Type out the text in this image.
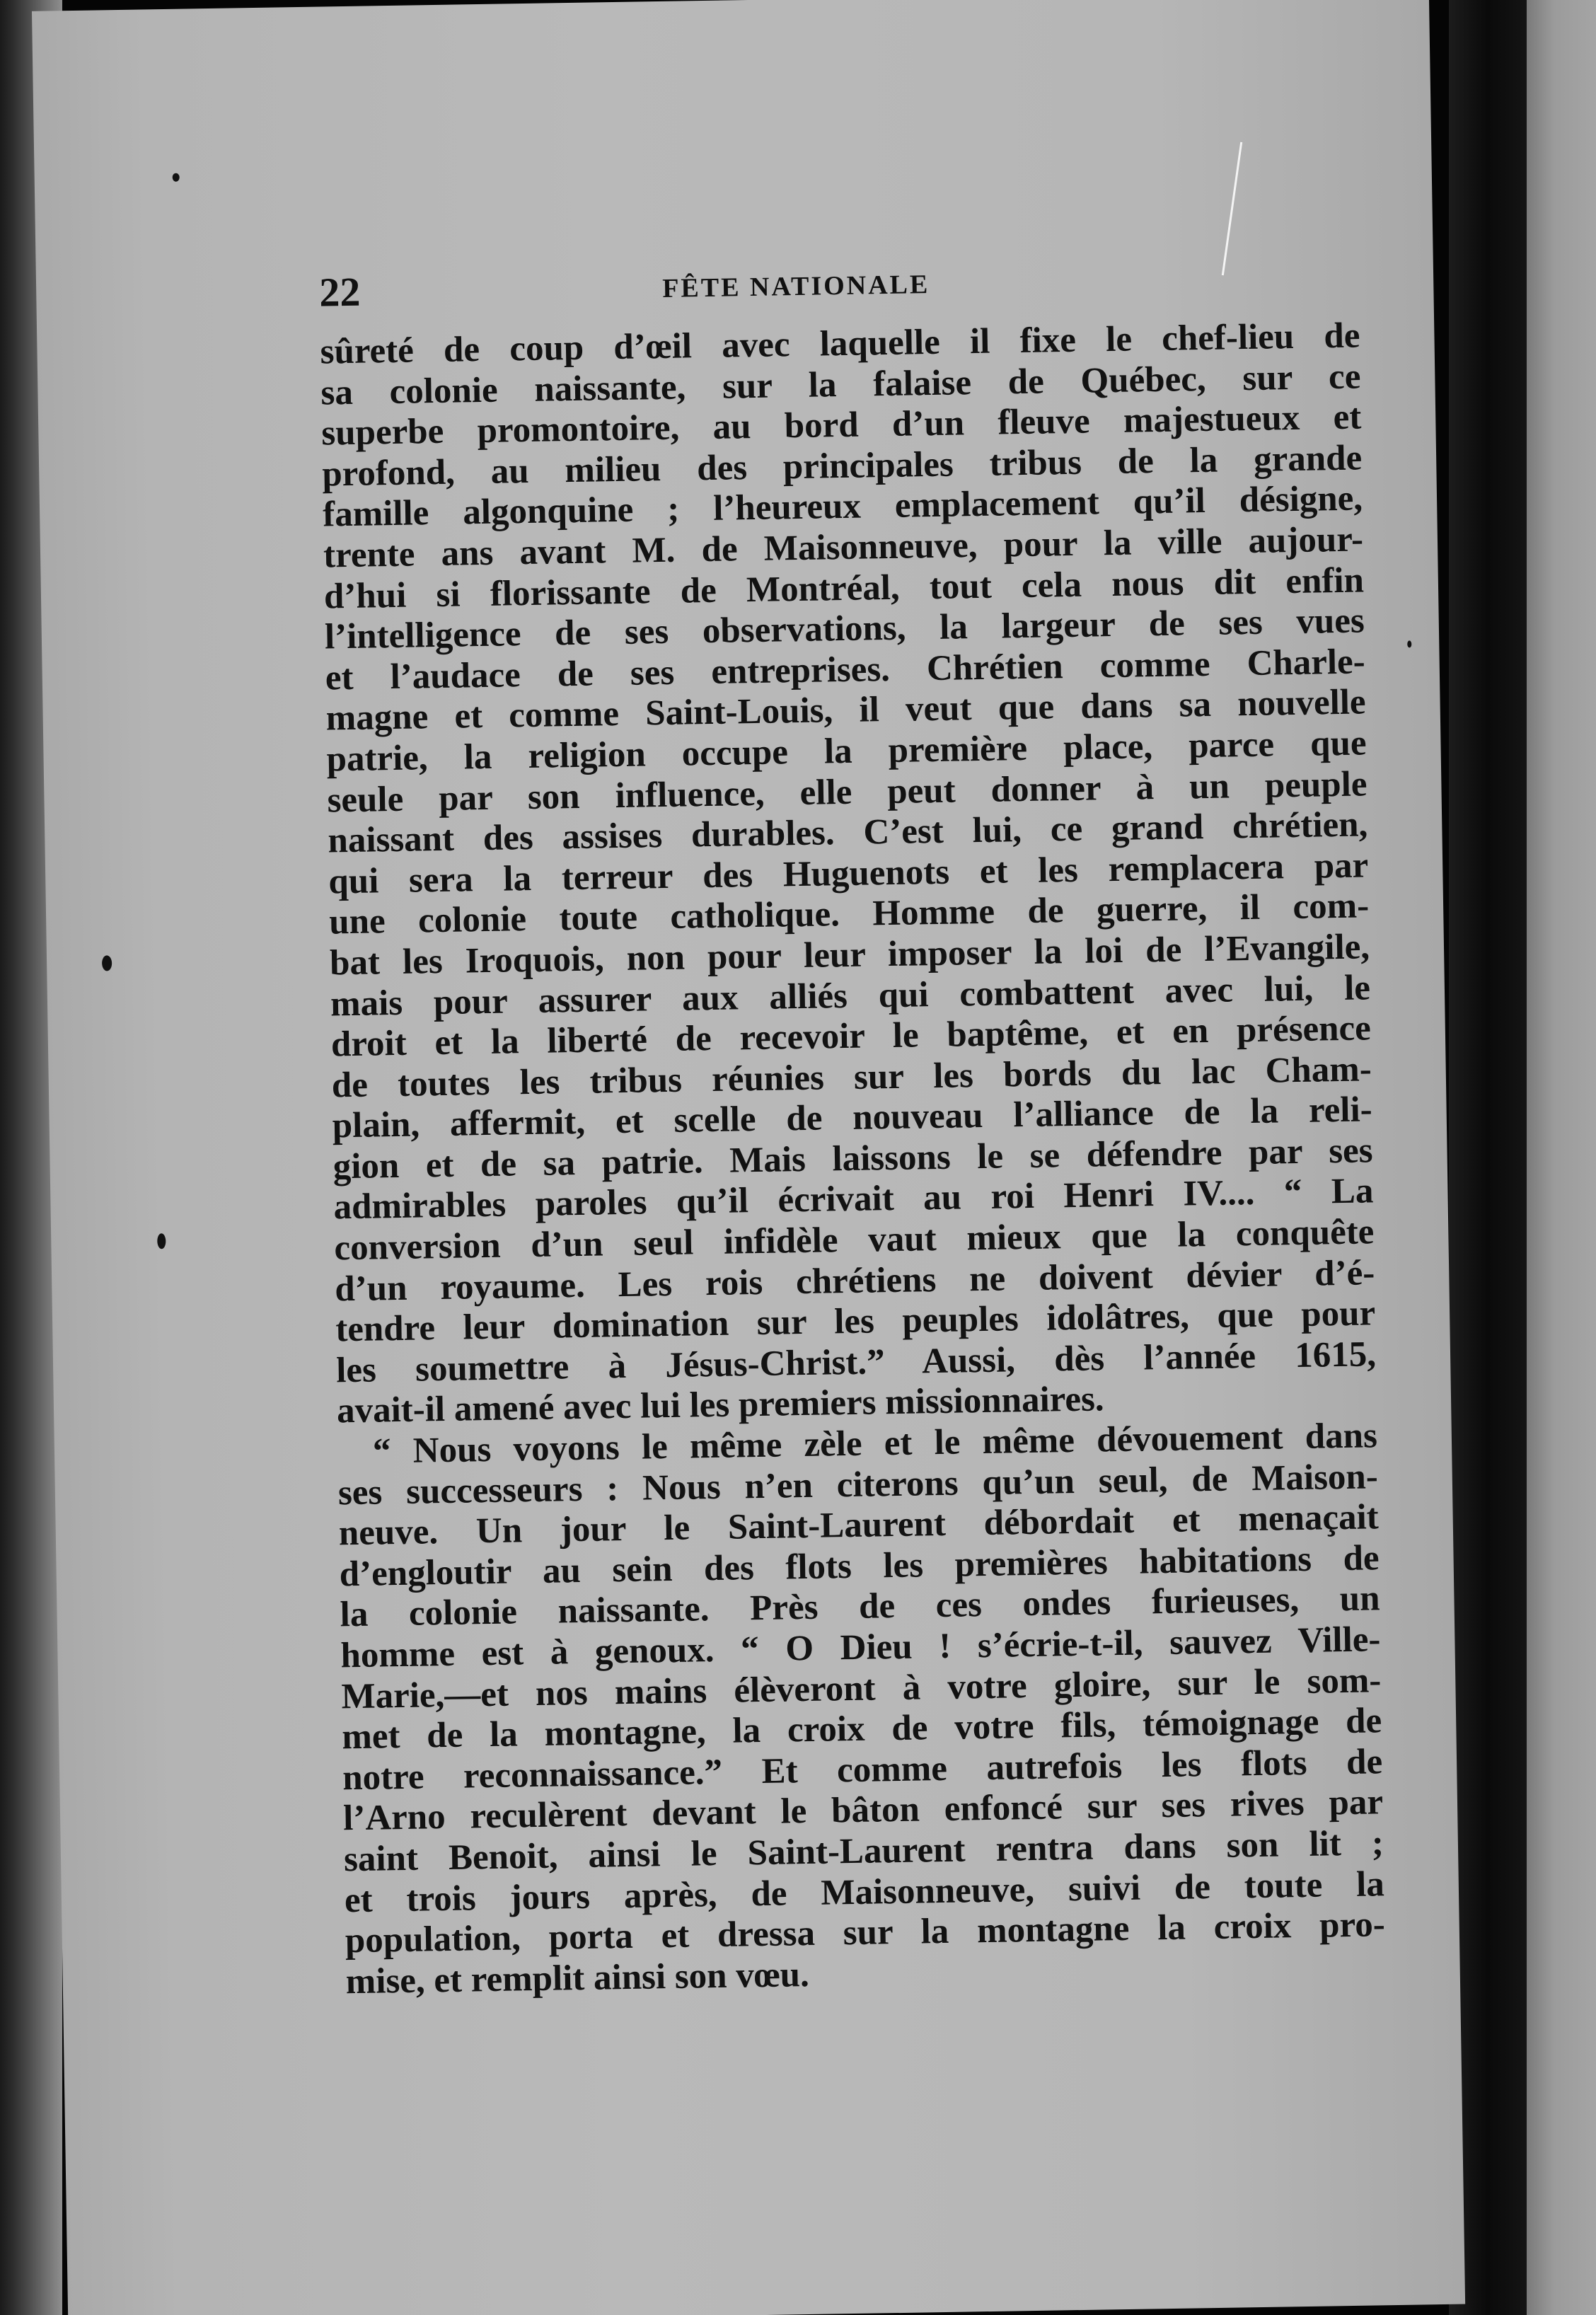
22	FÊTE NATIONALE
sûreté de coup d’œil avec laquelle il fixe le chef-lieu de
sa colonie naissante, sur la falaise de Québec, sur ce
superbe promontoire, au bord d’un fleuve majestueux et
profond, au milieu des principales tribus de la grande
famille algonquine ; l’heureux emplacement qu’il désigne,
trente ans avant M. de Maisonneuve, pour la ville aujour-
d’hui si florissante de Montréal, tout cela nous dit enfin
l’intelligence de ses observations, la largeur de ses vues
et l’audace de ses entreprises. Chrétien comme Charle-
magne et comme Saint-Louis, il veut que dans sa nouvelle
patrie, la religion occupe la première place, parce que
seule par son influence, elle peut donner à un peuple
naissant des assises durables. C’est lui, ce grand chrétien,
qui sera la terreur des Huguenots et les remplacera par
une colonie toute catholique. Homme de guerre, il com-
bat les Iroquois, non pour leur imposer la loi de l’Evangile,
mais pour assurer aux alliés qui combattent avec lui, le
droit et la liberté de recevoir le baptême, et en présence
de toutes les tribus réunies sur les bords du lac Cham-
plain, affermit, et scelle de nouveau l’alliance de la reli-
gion et de sa patrie. Mais laissons le se défendre par ses
admirables paroles qu’il écrivait au roi Henri IV.... “ La
conversion d’un seul infidèle vaut mieux que la conquête
d’un royaume. Les rois chrétiens ne doivent dévier d’é-
tendre leur domination sur les peuples idolâtres, que pour
les soumettre à Jésus-Christ.” Aussi, dès l’année 1615,
avait-il amené avec lui les premiers missionnaires.
“ Nous voyons le même zèle et le même dévouement dans
ses successeurs : Nous n’en citerons qu’un seul, de Maison-
neuve. Un jour le Saint-Laurent débordait et menaçait
d’engloutir au sein des flots les premières habitations de
la colonie naissante. Près de ces ondes furieuses, un
homme est à genoux. “ O Dieu ! s’écrie-t-il, sauvez Ville-
Marie,—et nos mains élèveront à votre gloire, sur le som-
met de la montagne, la croix de votre fils, témoignage de
notre reconnaissance.” Et comme autrefois les flots de
l’Arno reculèrent devant le bâton enfoncé sur ses rives par
saint Benoit, ainsi le Saint-Laurent rentra dans son lit ;
et trois jours après, de Maisonneuve, suivi de toute la
population, porta et dressa sur la montagne la croix pro-
mise, et remplit ainsi son vœu.
